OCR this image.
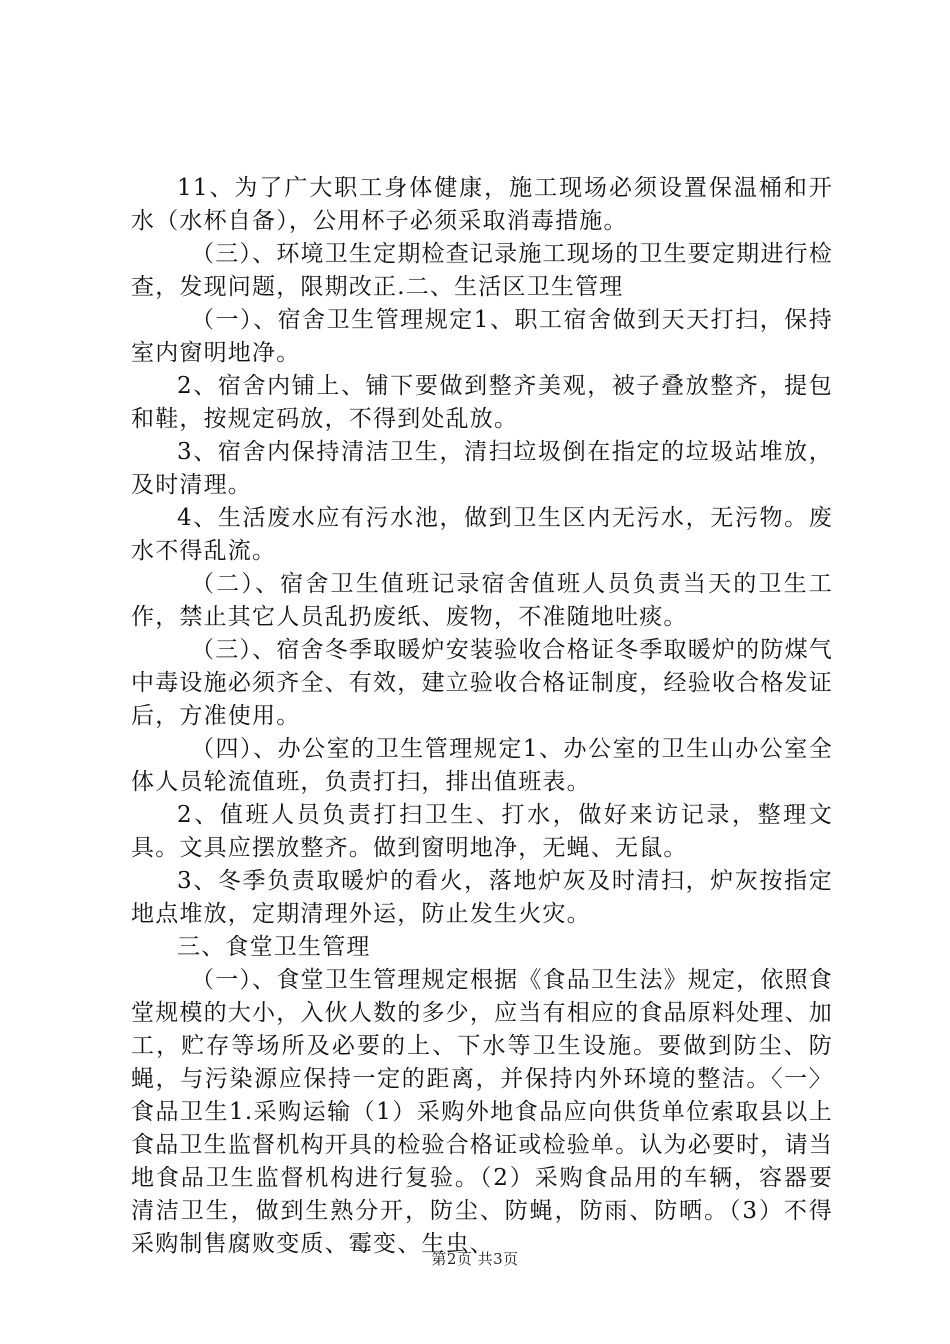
11、为了广大职工身体健康，施工现场必须设置保温桶和开水（水杯自备），公用杯子必须采取消毒措施。

（三）、环境卫生定期检查记录施工现场的卫生要定期进行检查，发现问题，限期改正.二、生活区卫生管理

（一）、宿舍卫生管理规定1、职工宿舍做到天天打扫，保持室内窗明地净。

2、宿舍内铺上、铺下要做到整齐美观，被子叠放整齐，提包和鞋，按规定码放，不得到处乱放。

3、宿舍内保持清洁卫生，清扫垃圾倒在指定的垃圾站堆放，及时清理。

4、生活废水应有污水池，做到卫生区内无污水，无污物。废水不得乱流。

（二）、宿舍卫生值班记录宿舍值班人员负责当天的卫生工作，禁止其它人员乱扔废纸、废物，不准随地吐痰。

（三）、宿舍冬季取暖炉安装验收合格证冬季取暖炉的防煤气中毒设施必须齐全、有效，建立验收合格证制度，经验收合格发证后，方准使用。

（四）、办公室的卫生管理规定1、办公室的卫生山办公室全体人员轮流值班，负责打扫，排出值班表。

2、值班人员负责打扫卫生、打水，做好来访记录，整理文具。文具应摆放整齐。做到窗明地净，无蝇、无鼠。

3、冬季负责取暖炉的看火，落地炉灰及时清扫，炉灰按指定地点堆放，定期清理外运，防止发生火灾。

三、食堂卫生管理

（一）、食堂卫生管理规定根据《食品卫生法》规定，依照食堂规模的大小，入伙人数的多少，应当有相应的食品原料处理、加工，贮存等场所及必要的上、下水等卫生设施。要做到防尘、防蝇，与污染源应保持一定的距离，并保持内外环境的整洁。〈一〉食品卫生1.采购运输（1）采购外地食品应向供货单位索取县以上食品卫生监督机构开具的检验合格证或检验单。认为必要时，请当地食品卫生监督机构进行复验。（2）采购食品用的车辆，容器要清洁卫生，做到生熟分开，防尘、防蝇，防雨、防晒。（3）不得采购制售腐败变质、霉变、生虫、

第2页 共3页
